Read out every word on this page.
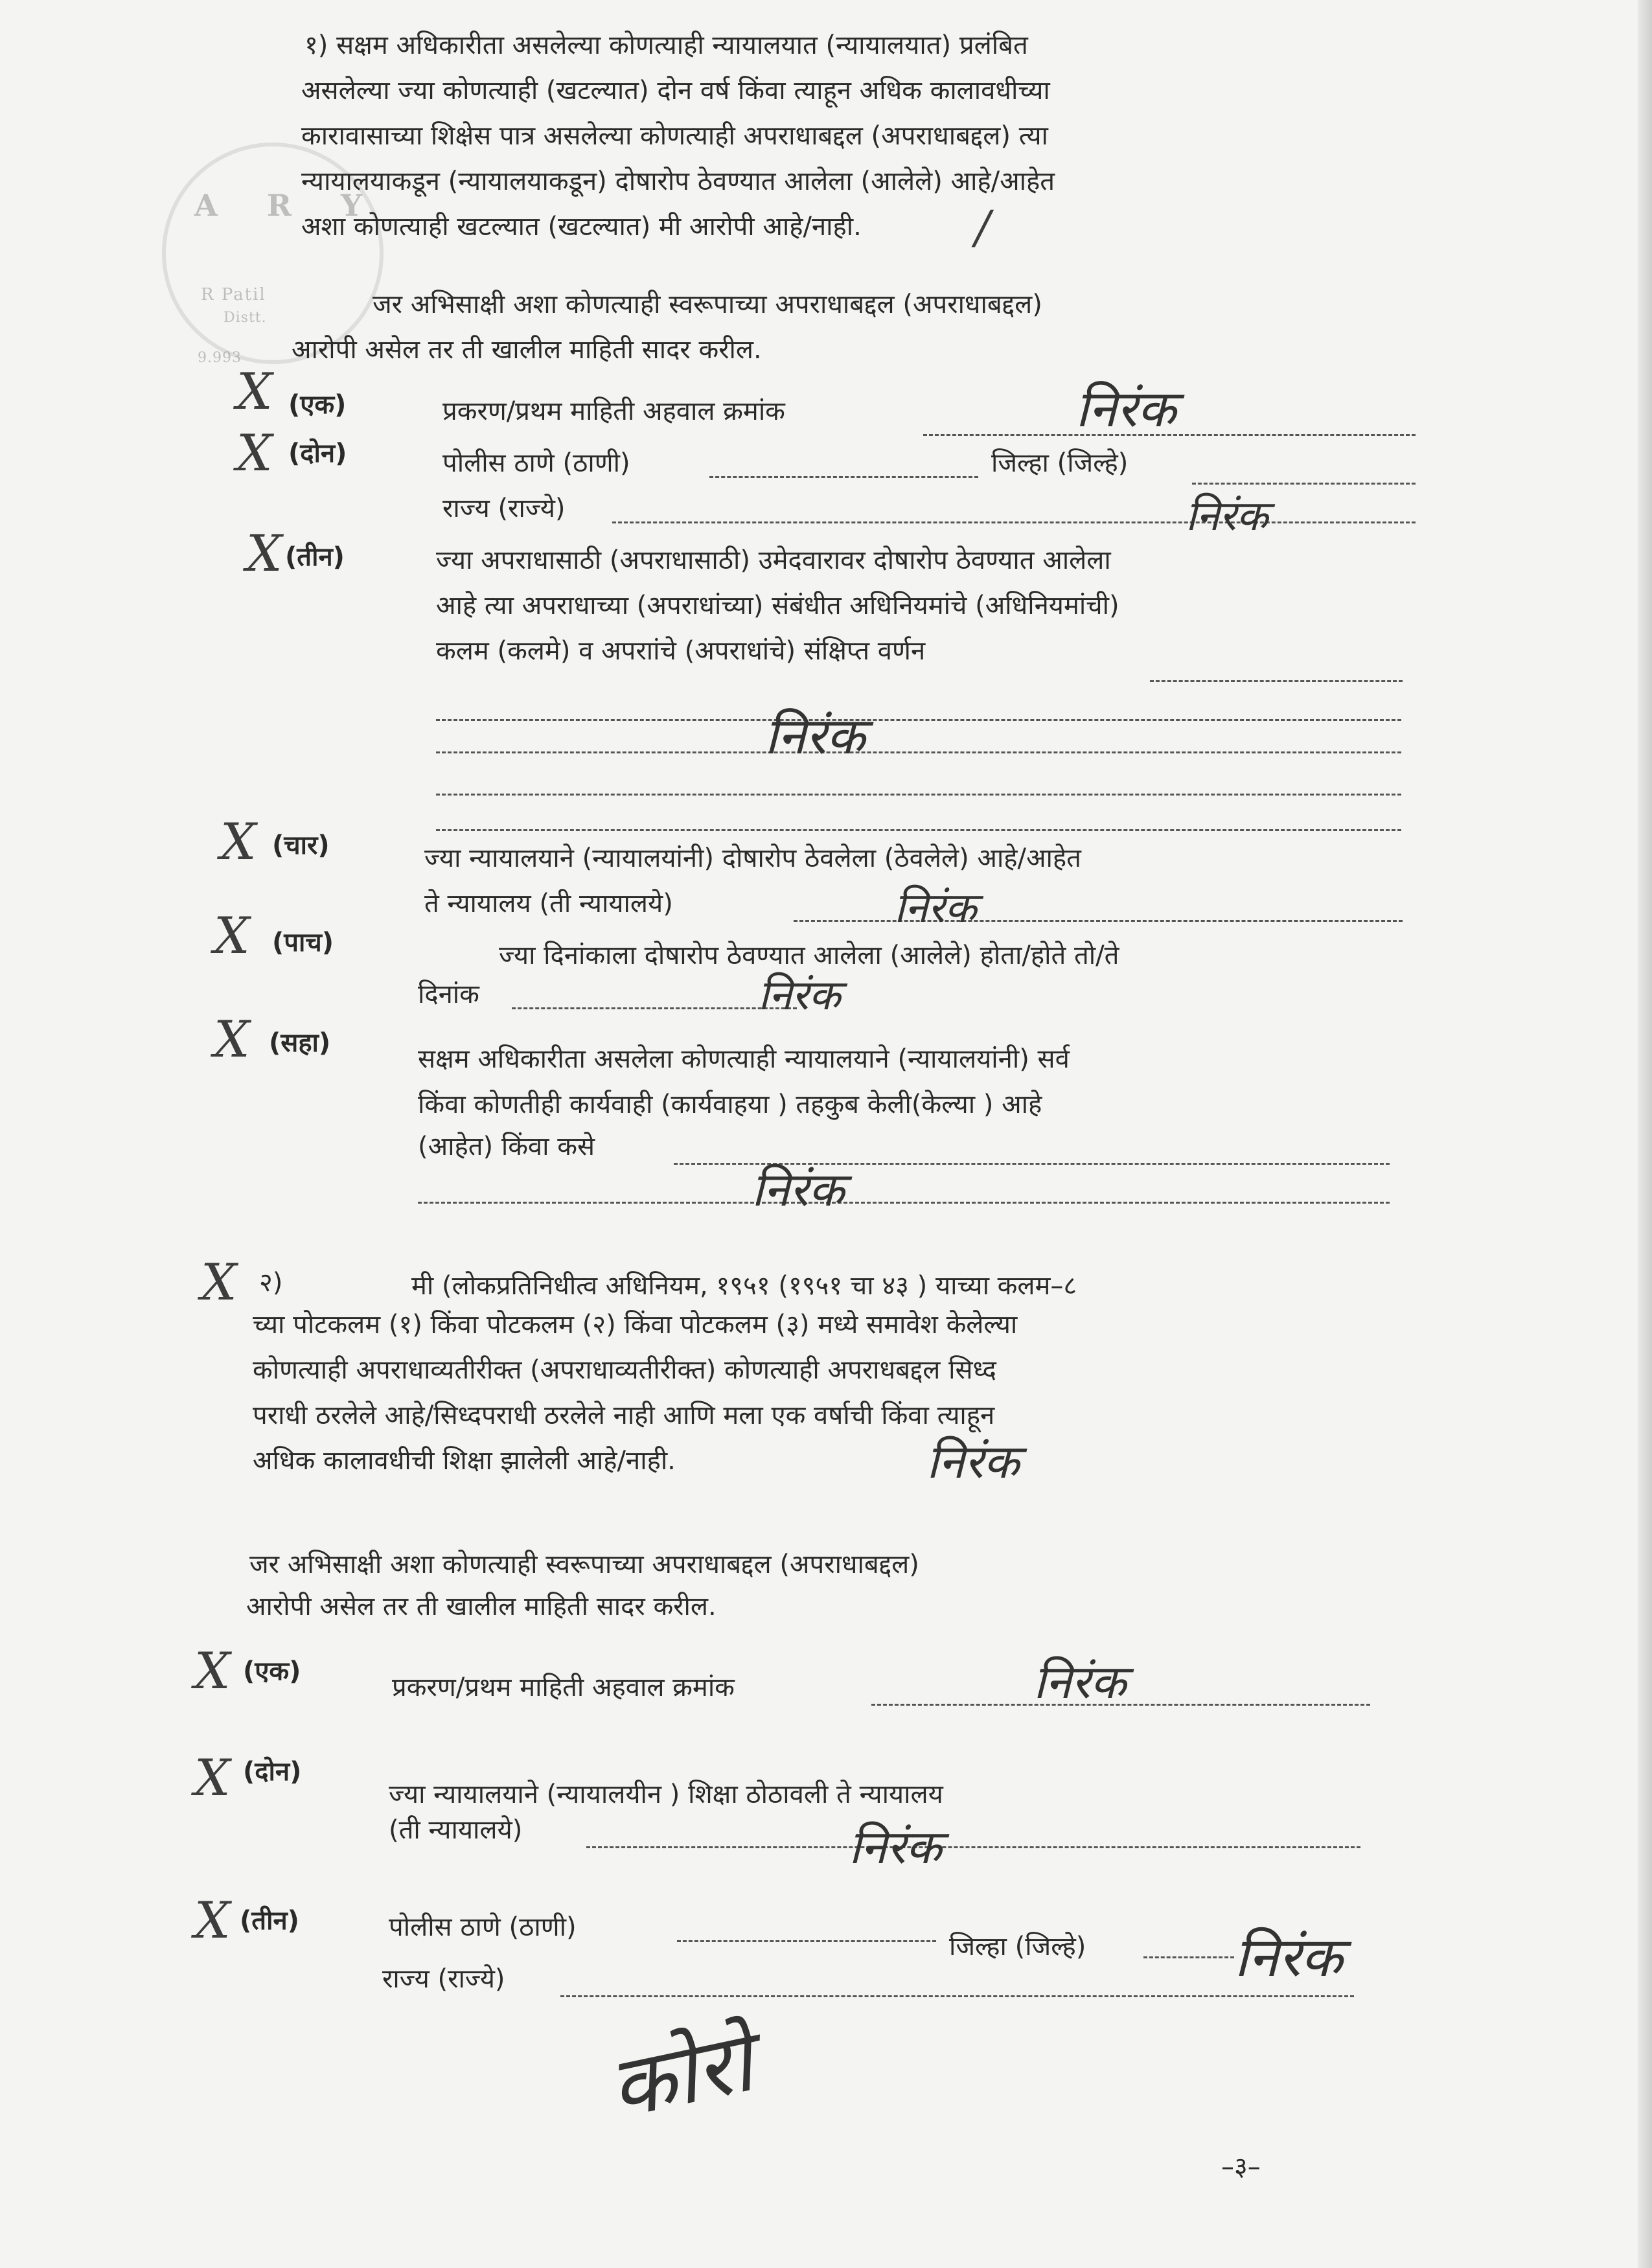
A R Y
R Patil
Distt.
9.993
१) सक्षम अधिकारीता असलेल्या कोणत्याही न्यायालयात (न्यायालयात) प्रलंबित
असलेल्या ज्या कोणत्याही (खटल्यात) दोन वर्ष किंवा त्याहून अधिक कालावधीच्या
कारावासाच्या शिक्षेस पात्र असलेल्या कोणत्याही अपराधाबद्दल (अपराधाबद्दल) त्या
न्यायालयाकडून (न्यायालयाकडून) दोषारोप ठेवण्यात आलेला (आलेले) आहे/आहेत
अशा कोणत्याही खटल्यात (खटल्यात) मी आरोपी आहे/नाही.	/
जर अभिसाक्षी अशा कोणत्याही स्वरूपाच्या अपराधाबद्दल (अपराधाबद्दल)
आरोपी असेल तर ती खालील माहिती सादर करील.
X (एक)	प्रकरण/प्रथम माहिती अहवाल क्रमांक	निरंक
X (दोन)	पोलीस ठाणे (ठाणी)	जिल्हा (जिल्हे)
राज्य (राज्ये)	निरंक
X (तीन)	ज्या अपराधासाठी (अपराधासाठी) उमेदवारावर दोषारोप ठेवण्यात आलेला
आहे त्या अपराधाच्या (अपराधांच्या) संबंधीत अधिनियमांचे (अधिनियमांची)
कलम (कलमे) व अपराांचे (अपराधांचे) संक्षिप्त वर्णन
निरंक
X (चार)	ज्या न्यायालयाने (न्यायालयांनी) दोषारोप ठेवलेला (ठेवलेले) आहे/आहेत
ते न्यायालय (ती न्यायालये)	निरंक
X (पाच)	ज्या दिनांकाला दोषारोप ठेवण्यात आलेला (आलेले) होता/होते तो/ते
दिनांक	निरंक
X (सहा)
सक्षम अधिकारीता असलेला कोणत्याही न्यायालयाने (न्यायालयांनी) सर्व
किंवा कोणतीही कार्यवाही (कार्यवाहया ) तहकुब केली(केल्या ) आहे
(आहेत) किंवा कसे
निरंक
X २)	मी (लोकप्रतिनिधीत्व अधिनियम, १९५१ (१९५१ चा ४३ ) याच्या कलम–८
च्या पोटकलम (१) किंवा पोटकलम (२) किंवा पोटकलम (३) मध्ये समावेश केलेल्या
कोणत्याही अपराधाव्यतीरीक्त (अपराधाव्यतीरीक्त) कोणत्याही अपराधबद्दल सिध्द
पराधी ठरलेले आहे/सिध्दपराधी ठरलेले नाही आणि मला एक वर्षाची किंवा त्याहून
अधिक कालावधीची शिक्षा झालेली आहे/नाही.	निरंक
जर अभिसाक्षी अशा कोणत्याही स्वरूपाच्या अपराधाबद्दल (अपराधाबद्दल)
आरोपी असेल तर ती खालील माहिती सादर करील.
X (एक)
प्रकरण/प्रथम माहिती अहवाल क्रमांक	निरंक
X (दोन)
ज्या न्यायालयाने (न्यायालयीन ) शिक्षा ठोठावली ते न्यायालय
(ती न्यायालये)	निरंक
X (तीन)	पोलीस ठाणे (ठाणी)
जिल्हा (जिल्हे)
राज्य (राज्ये)	निरंक
कोरो
–३–
